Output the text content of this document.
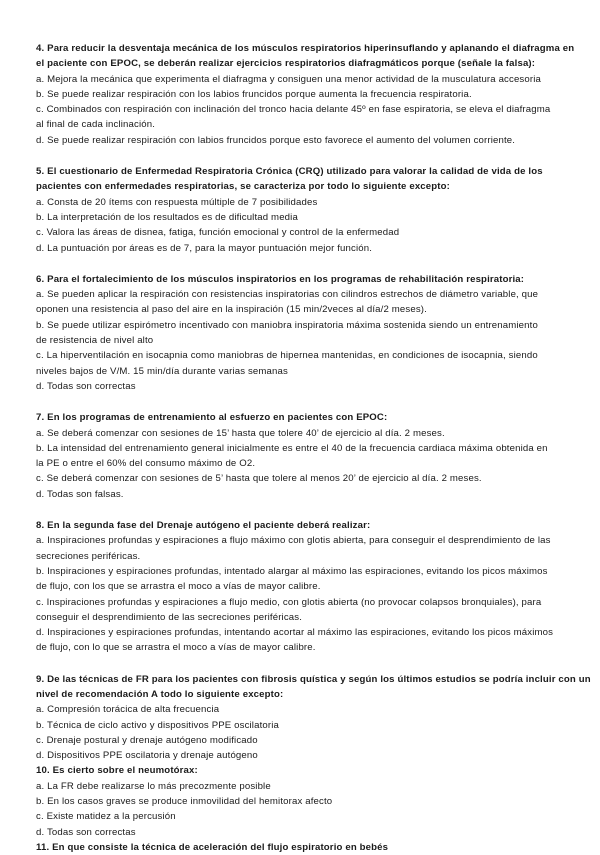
4. Para reducir la desventaja mecánica de los músculos respiratorios hiperinsuflando y aplanando el diafragma en
el paciente con EPOC, se deberán realizar ejercicios respiratorios diafragmáticos porque (señale la falsa):
a. Mejora la mecánica que experimenta el diafragma y consiguen una menor actividad de la musculatura accesoria
b. Se puede realizar respiración con los labios fruncidos porque aumenta la frecuencia respiratoria.
c. Combinados con respiración con inclinación del tronco hacia delante 45º en fase espiratoria, se eleva el diafragma
al final de cada inclinación.
d. Se puede realizar respiración con labios fruncidos porque esto favorece el aumento del volumen corriente.
5. El cuestionario de Enfermedad Respiratoria Crónica (CRQ) utilizado para valorar la calidad de vida de los
pacientes con enfermedades respiratorias, se caracteriza por todo lo siguiente excepto:
a. Consta de 20 ítems con respuesta múltiple de 7 posibilidades
b. La interpretación de los resultados es de dificultad media
c. Valora las áreas de disnea, fatiga, función emocional y control de la enfermedad
d. La puntuación por áreas es de 7, para la mayor puntuación mejor función.
6. Para el fortalecimiento de los músculos inspiratorios en los programas de rehabilitación respiratoria:
a. Se pueden aplicar la respiración con resistencias inspiratorias con cilindros estrechos de diámetro variable, que
oponen una resistencia al paso del aire en la inspiración (15 min/2veces al día/2 meses).
b. Se puede utilizar espirómetro incentivado con maniobra inspiratoria máxima sostenida siendo un entrenamiento
de resistencia de nivel alto
c. La hiperventilación en isocapnia como maniobras de hipernea mantenidas, en condiciones de isocapnia, siendo
niveles bajos de V/M. 15 min/día durante varias semanas
d. Todas son correctas
7. En los programas de entrenamiento al esfuerzo en pacientes con EPOC:
a. Se deberá comenzar con sesiones de 15’ hasta que tolere 40’ de ejercicio al día. 2 meses.
b. La intensidad del entrenamiento general inicialmente es entre el 40 de la frecuencia cardiaca máxima obtenida en
la PE o entre el 60% del consumo máximo de O2.
c. Se deberá comenzar con sesiones de 5’ hasta que tolere al menos 20’ de ejercicio al día. 2 meses.
d. Todas son falsas.
8. En la segunda fase del Drenaje autógeno el paciente deberá realizar:
a. Inspiraciones profundas y espiraciones a flujo máximo con glotis abierta, para conseguir el desprendimiento de las
secreciones periféricas.
b. Inspiraciones y espiraciones profundas, intentado alargar al máximo las espiraciones, evitando los picos máximos
de flujo, con los que se arrastra el moco a vías de mayor calibre.
c. Inspiraciones profundas y espiraciones a flujo medio, con glotis abierta (no provocar colapsos bronquiales), para
conseguir el desprendimiento de las secreciones periféricas.
d. Inspiraciones y espiraciones profundas, intentando acortar al máximo las espiraciones, evitando los picos máximos
de flujo, con lo que se arrastra el moco a vías de mayor calibre.
9. De las técnicas de FR para los pacientes con fibrosis quística y según los últimos estudios se podría incluir con un
nivel de recomendación A todo lo siguiente excepto:
a. Compresión torácica de alta frecuencia
b. Técnica de ciclo activo y dispositivos PPE oscilatoria
c. Drenaje postural y drenaje autógeno modificado
d. Dispositivos PPE oscilatoria y drenaje autógeno
10. Es cierto sobre el neumotórax:
a. La FR debe realizarse lo más precozmente posible
b. En los casos graves se produce inmovilidad del hemitorax afecto
c. Existe matidez a la percusión
d. Todas son correctas
11. En que consiste la técnica de aceleración del flujo espiratorio en bebés
